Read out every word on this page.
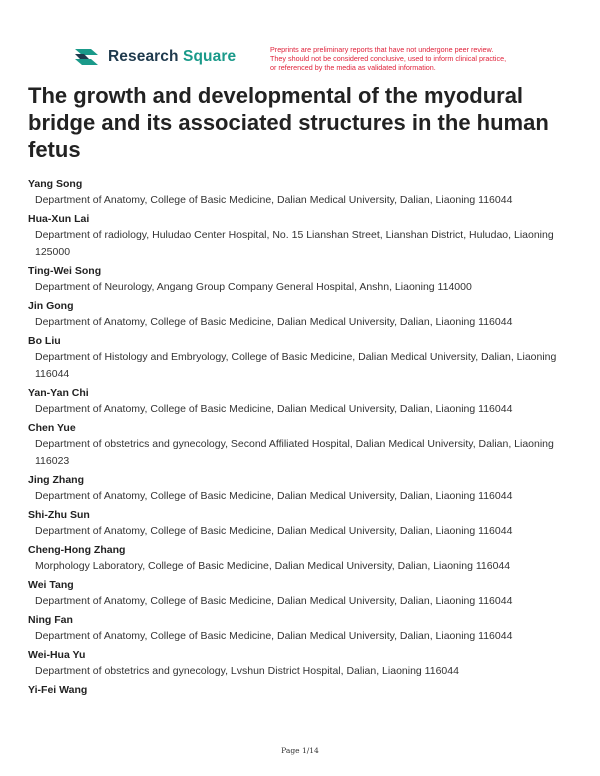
Research Square	Preprints are preliminary reports that have not undergone peer review.
They should not be considered conclusive, used to inform clinical practice,
or referenced by the media as validated information.
The growth and developmental of the myodural bridge and its associated structures in the human fetus
Yang Song
Department of Anatomy, College of Basic Medicine, Dalian Medical University, Dalian, Liaoning 116044
Hua-Xun Lai
Department of radiology, Huludao Center Hospital, No. 15 Lianshan Street, Lianshan District, Huludao, Liaoning 125000
Ting-Wei Song
Department of Neurology, Angang Group Company General Hospital, Anshn, Liaoning 114000
Jin Gong
Department of Anatomy, College of Basic Medicine, Dalian Medical University, Dalian, Liaoning 116044
Bo Liu
Department of Histology and Embryology, College of Basic Medicine, Dalian Medical University, Dalian, Liaoning 116044
Yan-Yan Chi
Department of Anatomy, College of Basic Medicine, Dalian Medical University, Dalian, Liaoning 116044
Chen Yue
Department of obstetrics and gynecology, Second Affiliated Hospital, Dalian Medical University, Dalian, Liaoning 116023
Jing Zhang
Department of Anatomy, College of Basic Medicine, Dalian Medical University, Dalian, Liaoning 116044
Shi-Zhu Sun
Department of Anatomy, College of Basic Medicine, Dalian Medical University, Dalian, Liaoning 116044
Cheng-Hong Zhang
Morphology Laboratory, College of Basic Medicine, Dalian Medical University, Dalian, Liaoning 116044
Wei Tang
Department of Anatomy, College of Basic Medicine, Dalian Medical University, Dalian, Liaoning 116044
Ning Fan
Department of Anatomy, College of Basic Medicine, Dalian Medical University, Dalian, Liaoning 116044
Wei-Hua Yu
Department of obstetrics and gynecology, Lvshun District Hospital, Dalian, Liaoning 116044
Yi-Fei Wang
Page 1/14
